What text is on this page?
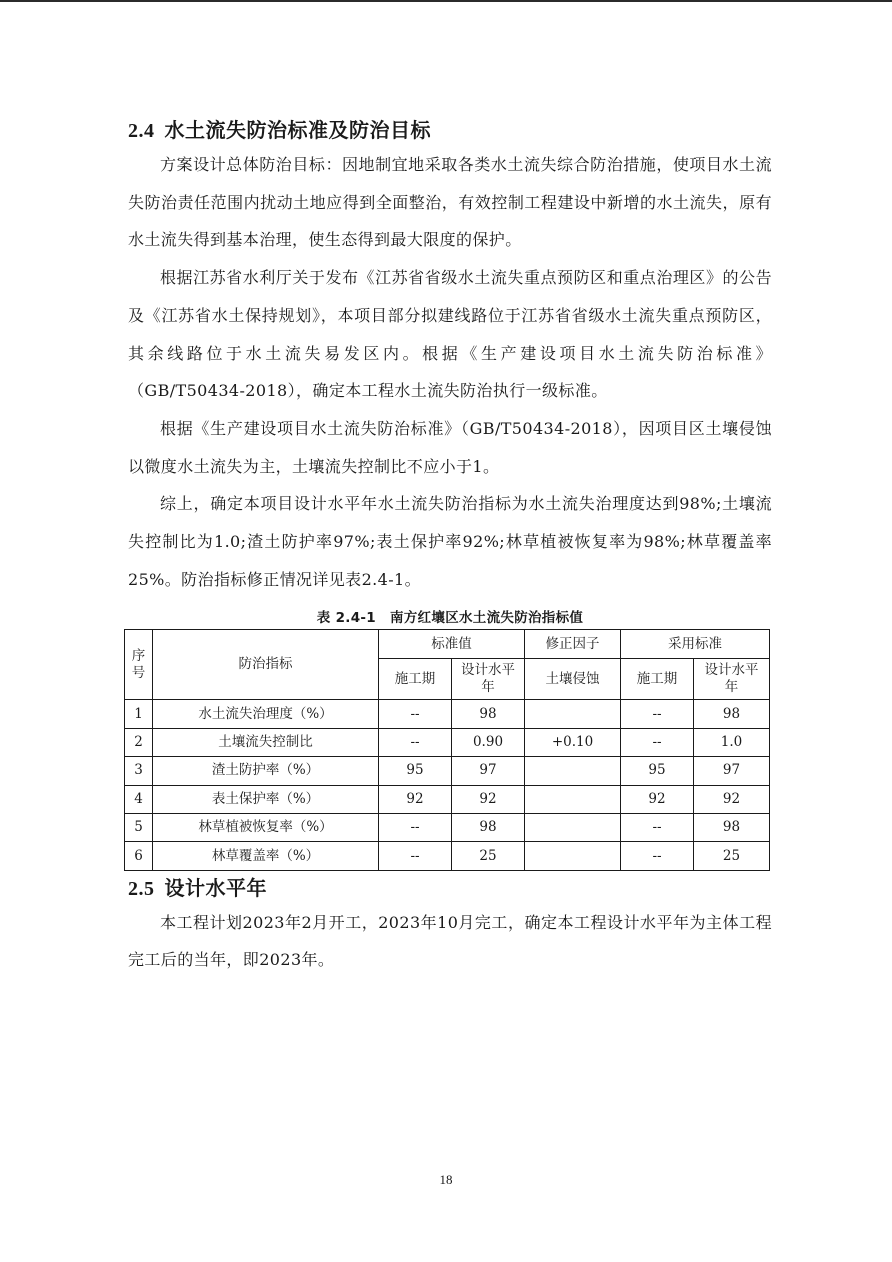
2.4 水土流失防治标准及防治目标

方案设计总体防治目标：因地制宜地采取各类水土流失综合防治措施，使项目水土流失防治责任范围内扰动土地应得到全面整治，有效控制工程建设中新增的水土流失，原有水土流失得到基本治理，使生态得到最大限度的保护。

根据江苏省水利厅关于发布《江苏省省级水土流失重点预防区和重点治理区》的公告及《江苏省水土保持规划》，本项目部分拟建线路位于江苏省省级水土流失重点预防区，其余线路位于水土流失易发区内。根据《生产建设项目水土流失防治标准》（GB/T50434-2018），确定本工程水土流失防治执行一级标准。

根据《生产建设项目水土流失防治标准》（GB/T50434-2018），因项目区土壤侵蚀以微度水土流失为主，土壤流失控制比不应小于1。

综上，确定本项目设计水平年水土流失防治指标为水土流失治理度达到98%;土壤流失控制比为1.0;渣土防护率97%;表土保护率92%;林草植被恢复率为98%;林草覆盖率25%。防治指标修正情况详见表2.4-1。

表 2.4-1 南方红壤区水土流失防治指标值
序号	防治指标	标准值		修正因子	采用标准	
		施工期	设计水平年	土壤侵蚀	施工期	设计水平年
1	水土流失治理度（%）	--	98		--	98
2	土壤流失控制比	--	0.90	+0.10	--	1.0
3	渣土防护率（%）	95	97		95	97
4	表土保护率（%）	92	92		92	92
5	林草植被恢复率（%）	--	98		--	98
6	林草覆盖率（%）	--	25		--	25
2.5 设计水平年

本工程计划2023年2月开工，2023年10月完工，确定本工程设计水平年为主体工程完工后的当年，即2023年。

18
